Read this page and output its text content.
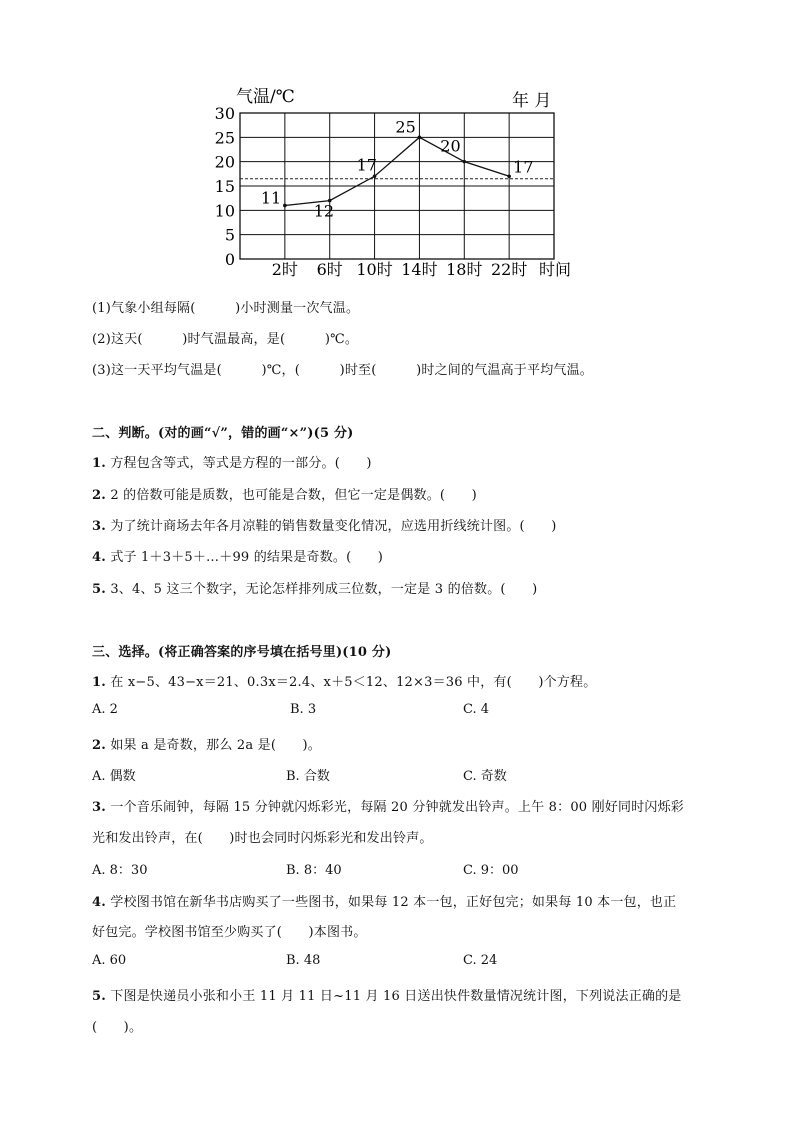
11
12
17
25
20
17
0
5
10
15
20
25
30
2时 6时 10时 14时 18时 22时
气温/℃	年 月
时间
(1)气象小组每隔(　　　)小时测量一次气温。
(2)这天(　　　)时气温最高，是(　　　)℃。
(3)这一天平均气温是(　　　)℃，(　　　)时至(　　　)时之间的气温高于平均气温。
二、判断。(对的画“√”，错的画“×”)(5 分)
1. 方程包含等式，等式是方程的一部分。(　　)
2. 2 的倍数可能是质数，也可能是合数，但它一定是偶数。(　　)
3. 为了统计商场去年各月凉鞋的销售数量变化情况，应选用折线统计图。(　　)
4. 式子 1＋3＋5＋…＋99 的结果是奇数。(　　)
5. 3、4、5 这三个数字，无论怎样排列成三位数，一定是 3 的倍数。(　　)
三、选择。(将正确答案的序号填在括号里)(10 分)
1. 在 x−5、43−x＝21、0.3x＝2.4、x＋5＜12、12×3＝36 中，有(　　)个方程。
A. 2	B. 3	C. 4
2. 如果 a 是奇数，那么 2a 是(　　)。
A. 偶数	B. 合数	C. 奇数
3. 一个音乐闹钟，每隔 15 分钟就闪烁彩光，每隔 20 分钟就发出铃声。上午 8：00 刚好同时闪烁彩
光和发出铃声，在(　　)时也会同时闪烁彩光和发出铃声。
A. 8：30	B. 8：40	C. 9：00
4. 学校图书馆在新华书店购买了一些图书，如果每 12 本一包，正好包完；如果每 10 本一包，也正
好包完。学校图书馆至少购买了(　　)本图书。
A. 60	B. 48	C. 24
5. 下图是快递员小张和小王 11 月 11 日~11 月 16 日送出快件数量情况统计图，下列说法正确的是
(　　)。
